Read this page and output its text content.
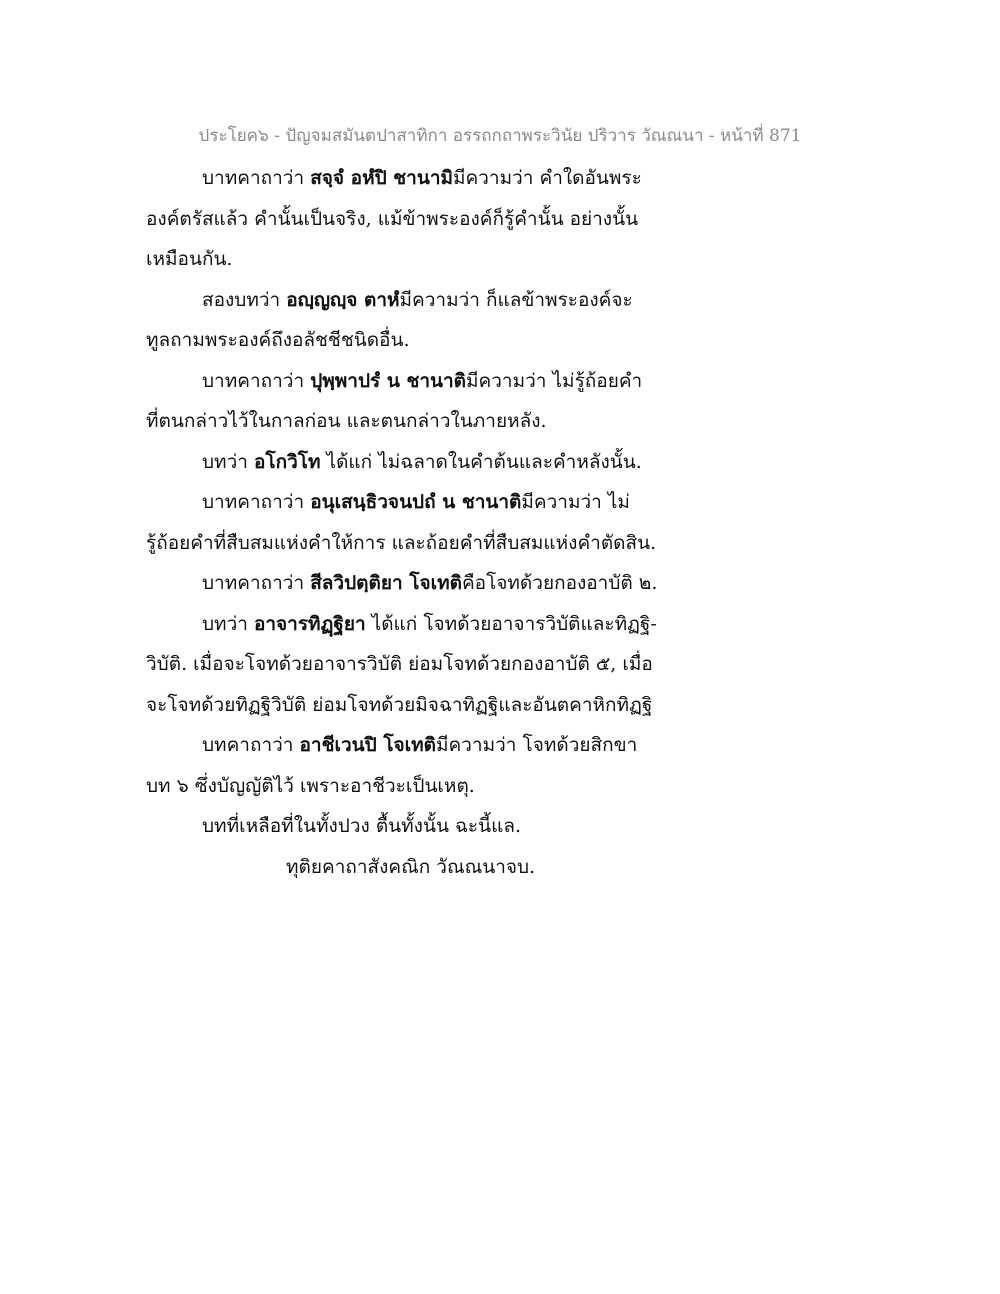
ประโยค๖ - ปัญจมสมันตปาสาทิกา อรรถกถาพระวินัย ปริวาร วัณณนา - หน้าที่ 871
บาทคาถาว่า สจฺจํ อหํปิ ชานามิมีความว่า คำใดอันพระ
องค์ตรัสแล้ว คำนั้นเป็นจริง, แม้ข้าพระองค์ก็รู้คำนั้น อย่างนั้น
เหมือนกัน.
สองบทว่า อญฺญญฺจ ตาหํมีความว่า ก็แลข้าพระองค์จะ
ทูลถามพระองค์ถึงอลัชชีชนิดอื่น.
บาทคาถาว่า ปุพฺพาปรํ น ชานาติมีความว่า ไม่รู้ถ้อยคำ
ที่ตนกล่าวไว้ในกาลก่อน และตนกล่าวในภายหลัง.
บทว่า อโกวิโท ได้แก่ ไม่ฉลาดในคำต้นและคำหลังนั้น.
บาทคาถาว่า อนุเสนฺธิวจนปถํ น ชานาติมีความว่า ไม่
รู้ถ้อยคำที่สืบสมแห่งคำให้การ และถ้อยคำที่สืบสมแห่งคำตัดสิน.
บาทคาถาว่า สีลวิปตฺติยา โจเทติคือโจทด้วยกองอาบัติ ๒.
บทว่า อาจารทิฏฺฐิยา ได้แก่ โจทด้วยอาจารวิบัติและทิฏฐิ-
วิบัติ. เมื่อจะโจทด้วยอาจารวิบัติ ย่อมโจทด้วยกองอาบัติ ๕, เมื่อ
จะโจทด้วยทิฏฐิวิบัติ ย่อมโจทด้วยมิจฉาทิฏฐิและอันตคาหิกทิฏฐิ
บทคาถาว่า อาชีเวนปิ โจเทติมีความว่า โจทด้วยสิกขา
บท ๖ ซึ่งบัญญัติไว้ เพราะอาชีวะเป็นเหตุ.
บทที่เหลือที่ในทั้งปวง ตื้นทั้งนั้น ฉะนี้แล.
ทุติยคาถาสังคณิก วัณณนาจบ.
